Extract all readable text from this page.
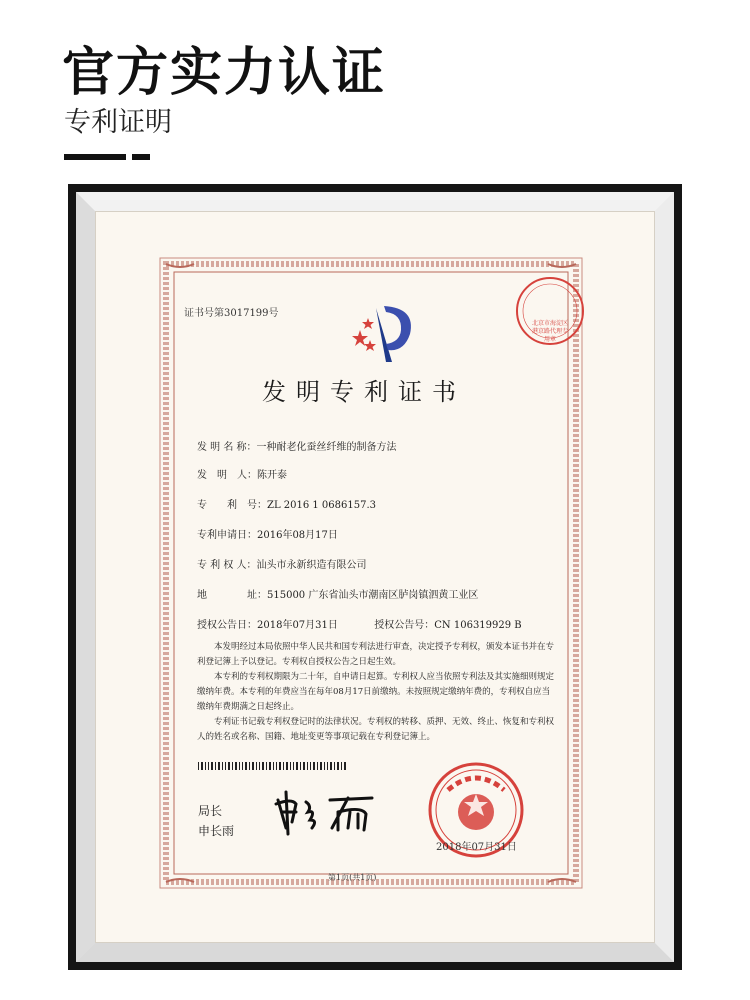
官方实力认证
专利证明
证书号第3017199号
北京市海淀区港京路代理专用章
发明专利证书
发 明 名 称：一种耐老化蚕丝纤维的制备方法
发　明　人：陈开泰
专　　利　号：ZL 2016 1 0686157.3
专利申请日：2016年08月17日
专 利 权 人：汕头市永新织造有限公司
地　　　　址：515000 广东省汕头市潮南区胪岗镇泗黄工业区
授权公告日：2018年07月31日	授权公告号：CN 106319929 B

本发明经过本局依照中华人民共和国专利法进行审查，决定授予专利权，颁发本证书并在专利登记簿上予以登记。专利权自授权公告之日起生效。

本专利的专利权期限为二十年，自申请日起算。专利权人应当依照专利法及其实施细则规定缴纳年费。本专利的年费应当在每年08月17日前缴纳。未按照规定缴纳年费的，专利权自应当缴纳年费期满之日起终止。

专利证书记载专利权登记时的法律状况。专利权的转移、质押、无效、终止、恢复和专利权人的姓名或名称、国籍、地址变更等事项记载在专利登记簿上。

局长
申长雨
2018年07月31日
第1页(共1页)
